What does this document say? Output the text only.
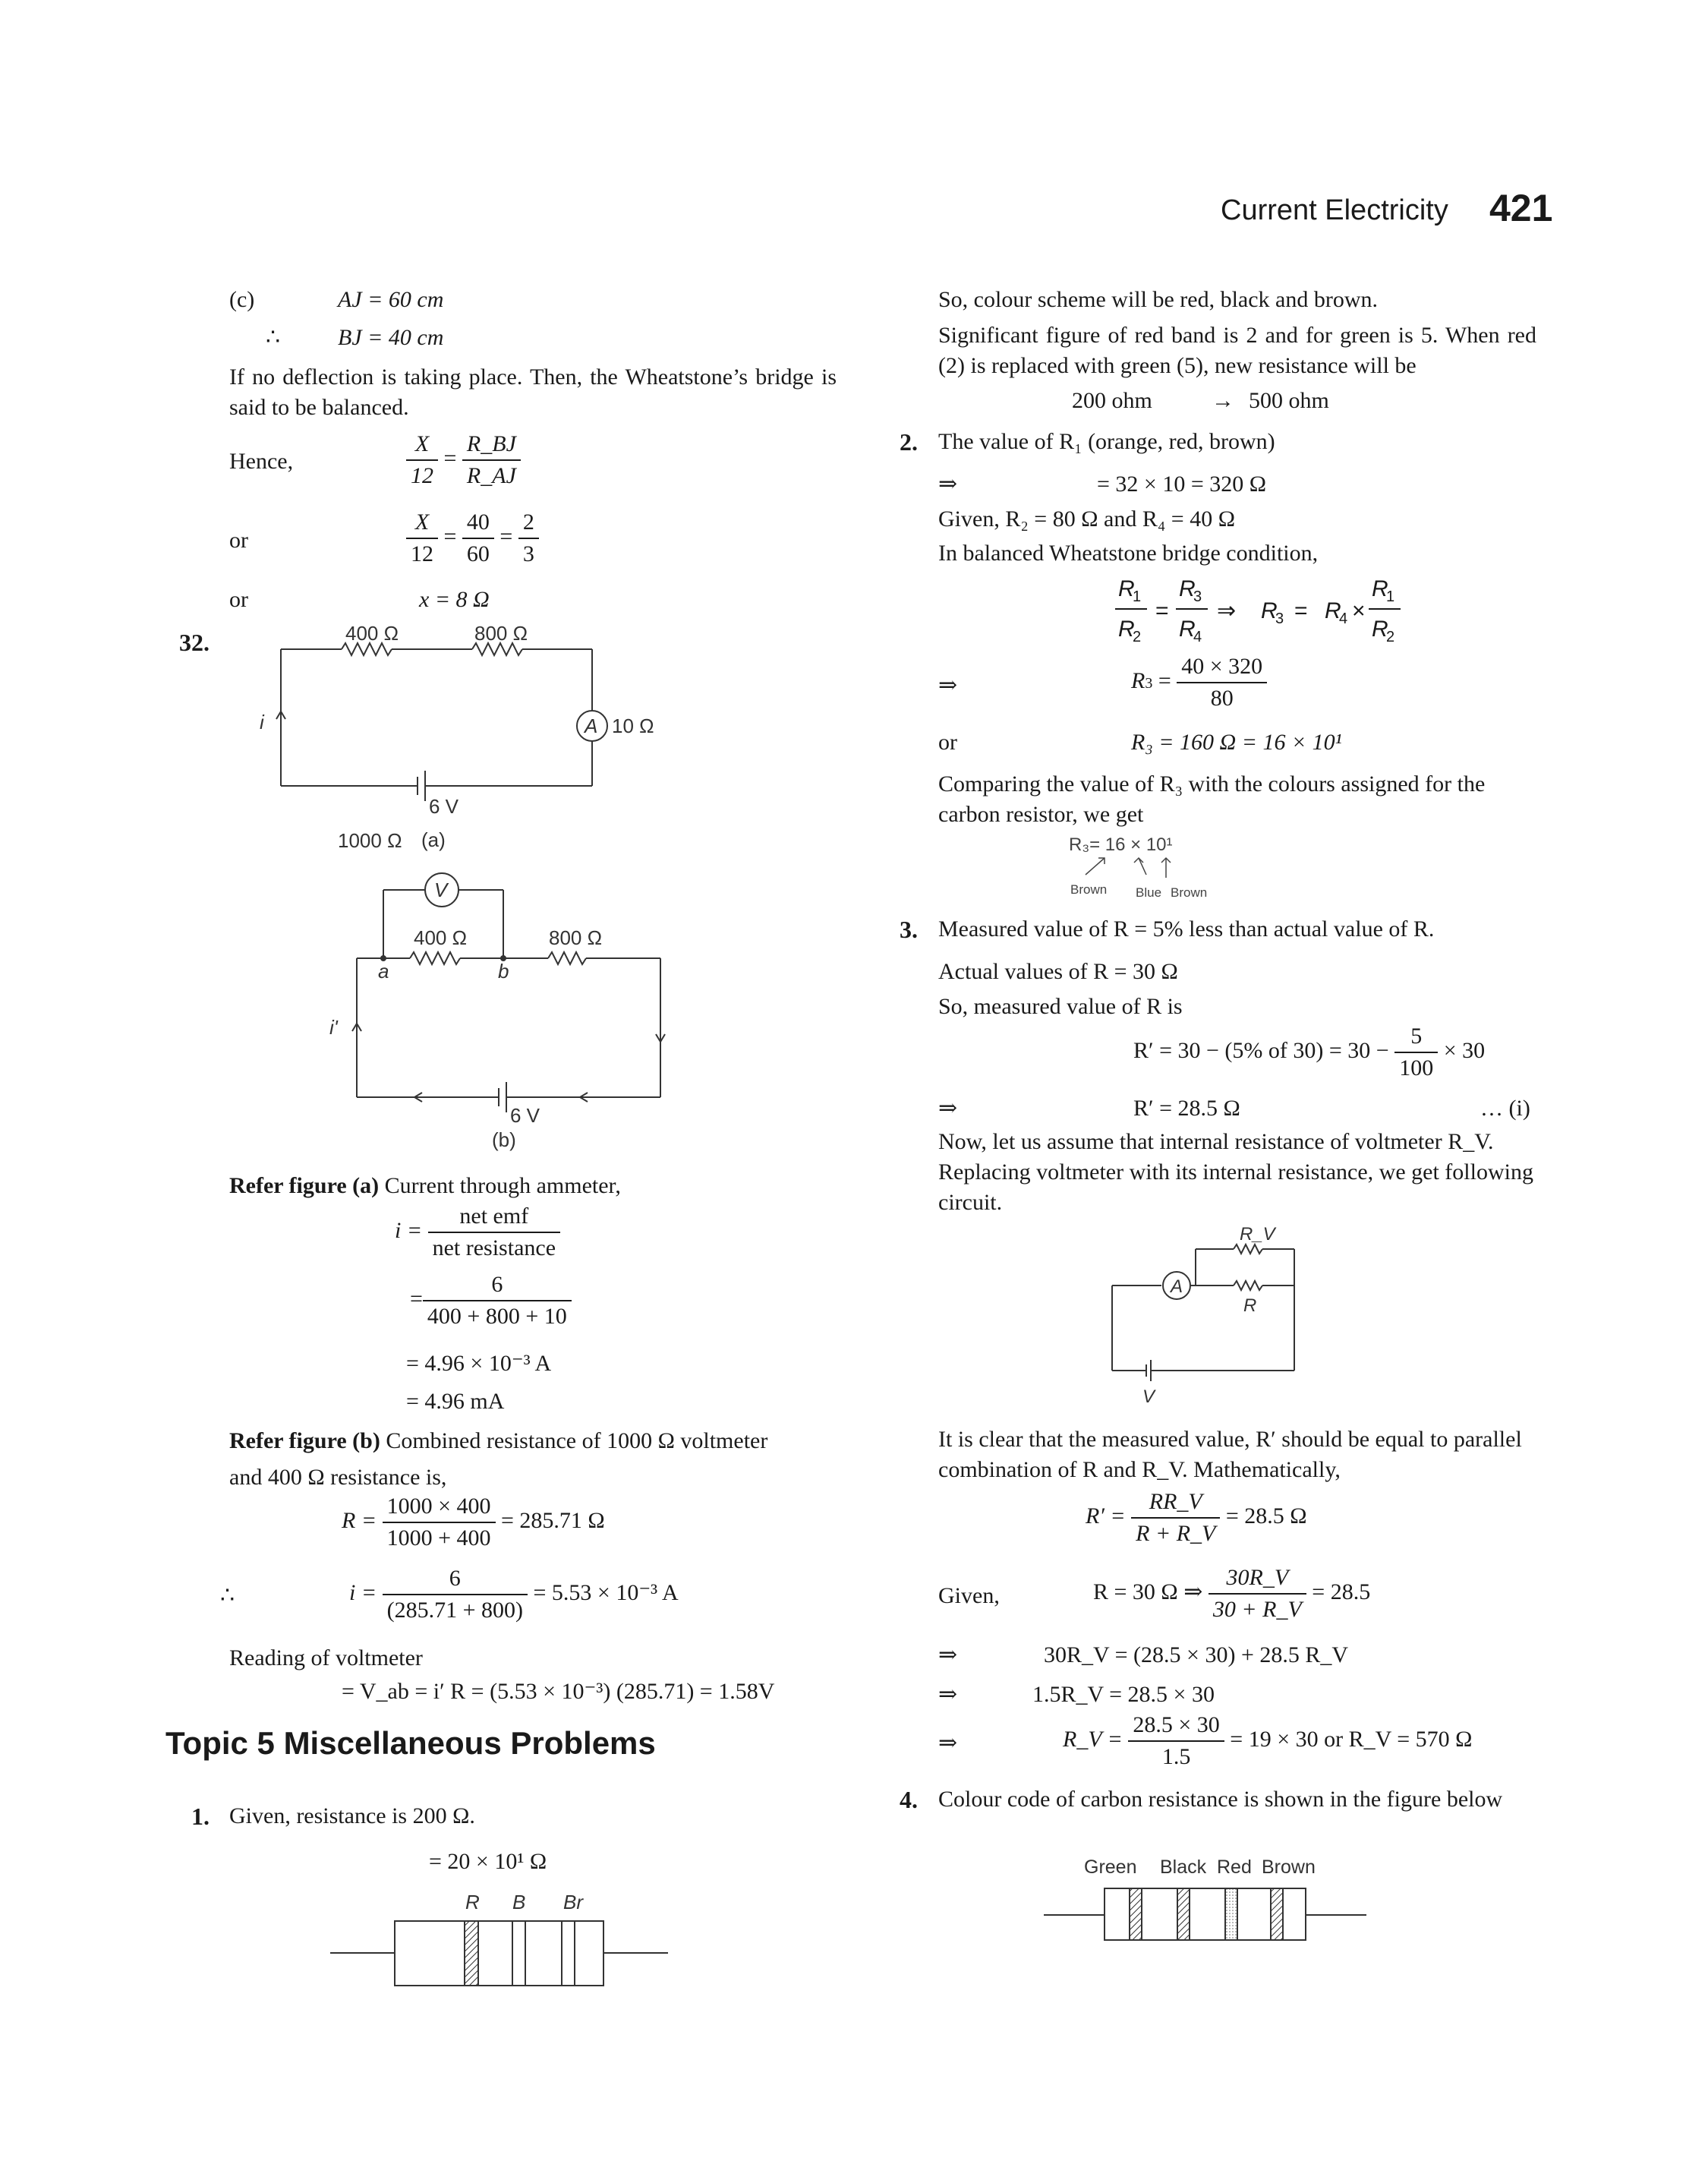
Current Electricity 421
(c)	AJ = 60 cm
∴	BJ = 40 cm
If no deflection is taking place. Then, the Wheatstone’s bridge is said to be balanced.
Hence,	$\frac{X}{12} = \frac{R\_BJ}{R\_AJ}$
or	$\frac{X}{12} = \frac{40}{60} = \frac{2}{3}$
or	x = 8 Ω
32.	400 Ω	800 Ω
A 10 Ω
i
6 V
1000 Ω (a)
V
400 Ω	800 Ω
a	b
i'
6 V
(b)
Refer figure (a) Current through ammeter,
$i = \frac{\text{net emf}}{\text{net resistance}}$
= $\frac{6}{400 + 800 + 10}$
= 4.96 × 10⁻³ A
= 4.96 mA
Refer figure (b) Combined resistance of 1000 Ω voltmeter
and 400 Ω resistance is,
$R = \frac{1000 \times 400}{1000 + 400} = 285.71$ Ω
∴	$i = \frac{6}{(285.71 + 800)} = 5.53 \times 10^{-3}$ A
Reading of voltmeter
= V_ab = i′ R = (5.53 × 10⁻³) (285.71) = 1.58V
Topic 5 Miscellaneous Problems
1. Given, resistance is 200 Ω.
= 20 × 10¹ Ω
R B Br
So, colour scheme will be red, black and brown.
Significant figure of red band is 2 and for green is 5. When red (2) is replaced with green (5), new resistance will be
200 ohm	→ 500 ohm
2. The value of R₁ (orange, red, brown)
⇒	= 32 × 10 = 320 Ω
Given, R₂ = 80 Ω and R₄ = 40 Ω
In balanced Wheatstone bridge condition,
R
1
R
2
R
3
R
4
R
3 R
4
R
1
R
2
= ⇒	= ×
⇒	$R3 = \frac{40 \times 320}{80}$
or	R₃ = 160 Ω = 16 × 10¹
Comparing the value of R₃ with the colours assigned for the carbon resistor, we get
R₃= 16 × 10¹
Brown Blue Brown
3. Measured value of R = 5% less than actual value of R.
Actual values of R = 30 Ω
So, measured value of R is
R′ = 30 − (5% of $30) = 30 - \frac{5}{100} \times 30$
⇒	R′ = 28.5 Ω	… (i)
Now, let us assume that internal resistance of voltmeter R_V. Replacing voltmeter with its internal resistance, we get following circuit.
R_V
A
R
V
It is clear that the measured value, R′ should be equal to parallel combination of R and R_V. Mathematically,
$R' = \frac{RR\_V}{R + R\_V} = 28.5$ Ω
Given,	R = 30 Ω ⇒ $\frac{30R\_V}{30 + R\_V} = 28.5$
⇒	30R_V = (28.5 × 30) + 28.5 R_V
⇒	1.5R_V = 28.5 × 30
⇒	R_V = $\frac{28.5 \times 30}{1.5} = 19 \times 30$ or R_V = 570 Ω
4. Colour code of carbon resistance is shown in the figure below
Green Black Red Brown
